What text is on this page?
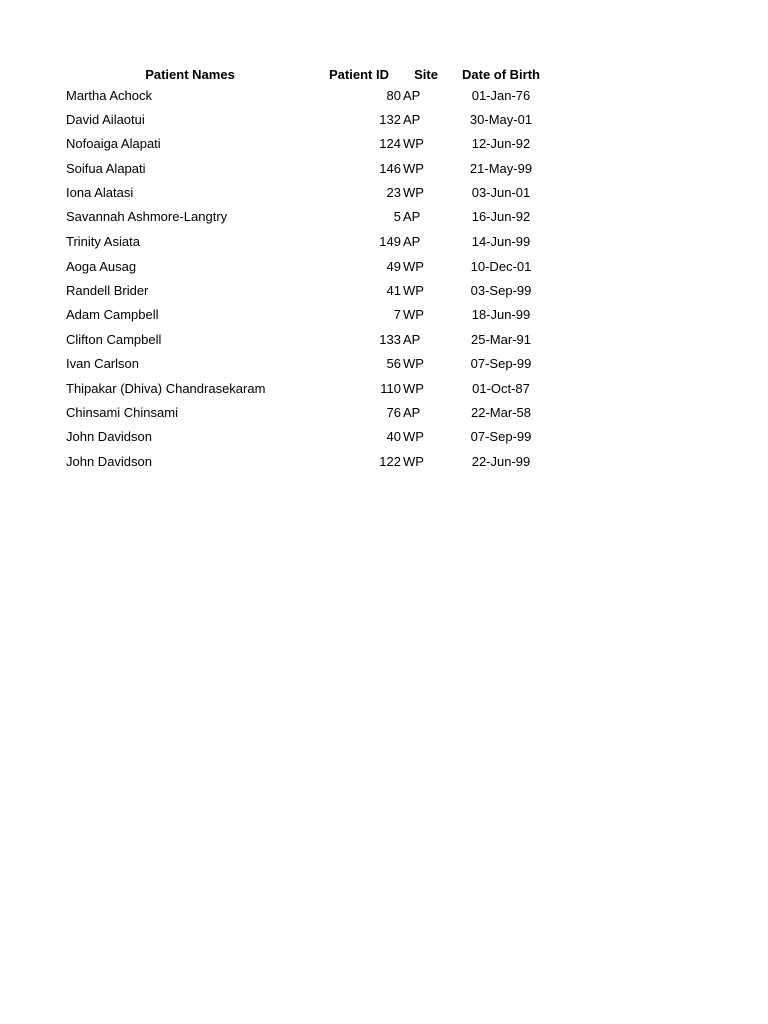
Patient Names	Patient ID	Site	Date of Birth
Martha Achock	80 AP	01-Jan-76
David Ailaotui	132 AP	30-May-01
Nofoaiga Alapati	124 WP	12-Jun-92
Soifua Alapati	146 WP	21-May-99
Iona Alatasi	23 WP	03-Jun-01
Savannah Ashmore-Langtry	5 AP	16-Jun-92
Trinity Asiata	149 AP	14-Jun-99
Aoga Ausag	49 WP	10-Dec-01
Randell Brider	41 WP	03-Sep-99
Adam Campbell	7 WP	18-Jun-99
Clifton Campbell	133 AP	25-Mar-91
Ivan Carlson	56 WP	07-Sep-99
Thipakar (Dhiva) Chandrasekaram	110 WP	01-Oct-87
Chinsami Chinsami	76 AP	22-Mar-58
John Davidson	40 WP	07-Sep-99
John Davidson	122 WP	22-Jun-99
